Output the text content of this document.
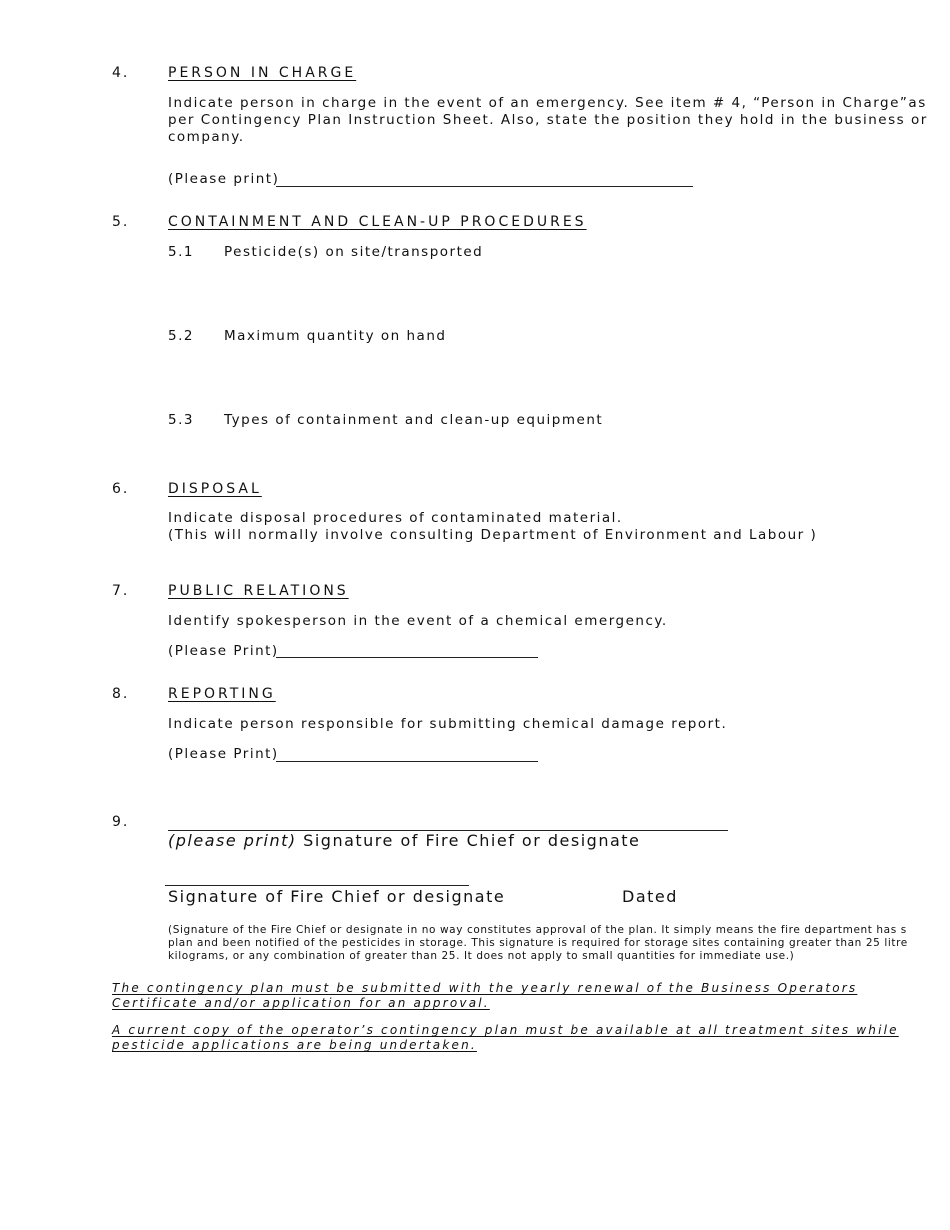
4.	PERSON IN CHARGE
Indicate person in charge in the event of an emergency. See item # 4, “Person in Charge”as
per Contingency Plan Instruction Sheet. Also, state the position they hold in the business or
company.
(Please print)
5.	CONTAINMENT AND CLEAN-UP PROCEDURES
5.1 Pesticide(s) on site/transported
5.2 Maximum quantity on hand
5.3 Types of containment and clean-up equipment
6.	DISPOSAL
Indicate disposal procedures of contaminated material.
(This will normally involve consulting Department of Environment and Labour )
7.	PUBLIC RELATIONS
Identify spokesperson in the event of a chemical emergency.
(Please Print)
8.	REPORTING
Indicate person responsible for submitting chemical damage report.
(Please Print)
9.
(please print) Signature of Fire Chief or designate
Signature of Fire Chief or designate	Dated
(Signature of the Fire Chief or designate in no way constitutes approval of the plan. It simply means the fire department has s
plan and been notified of the pesticides in storage. This signature is required for storage sites containing greater than 25 litre
kilograms, or any combination of greater than 25. It does not apply to small quantities for immediate use.)
The contingency plan must be submitted with the yearly renewal of the Business Operators
Certificate and/or application for an approval.
A current copy of the operator’s contingency plan must be available at all treatment sites while
pesticide applications are being undertaken.
